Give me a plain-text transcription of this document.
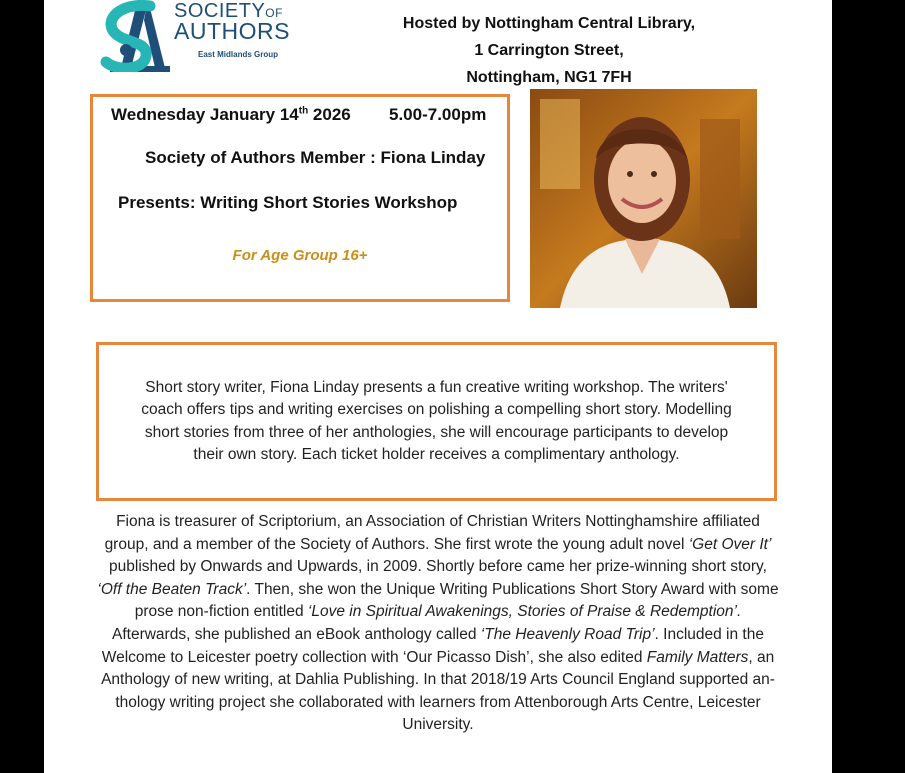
SOCIETYOF
AUTHORS
East Midlands Group
Hosted by Nottingham Central Library,
1 Carrington Street,
Nottingham, NG1 7FH
Wednesday January 14th 2026 5.00-7.00pm
Society of Authors Member : Fiona Linday
Presents: Writing Short Stories Workshop
For Age Group 16+
Short story writer, Fiona Linday presents a fun creative writing workshop. The writers' coach offers tips and writing exercises on polishing a compelling short story. Modelling short stories from three of her anthologies, she will encourage participants to develop their own story. Each ticket holder receives a complimentary anthology.
Fiona is treasurer of Scriptorium, an Association of Christian Writers Nottinghamshire affiliated group, and a member of the Society of Authors. She first wrote the young adult novel ‘Get Over It’ published by Onwards and Upwards, in 2009. Shortly before came her prize-winning short story, ‘Off the Beaten Track’. Then, she won the Unique Writing Publications Short Story Award with some prose non-fiction entitled ‘Love in Spiritual Awakenings, Stories of Praise & Redemption’. Afterwards, she published an eBook anthology called ‘The Heavenly Road Trip’. Included in the Welcome to Leicester poetry collection with ‘Our Picasso Dish’, she also edited Family Matters, an Anthology of new writing, at Dahlia Publishing. In that 2018/19 Arts Council England supported an-thology writing project she collaborated with learners from Attenborough Arts Centre, Leicester University.
